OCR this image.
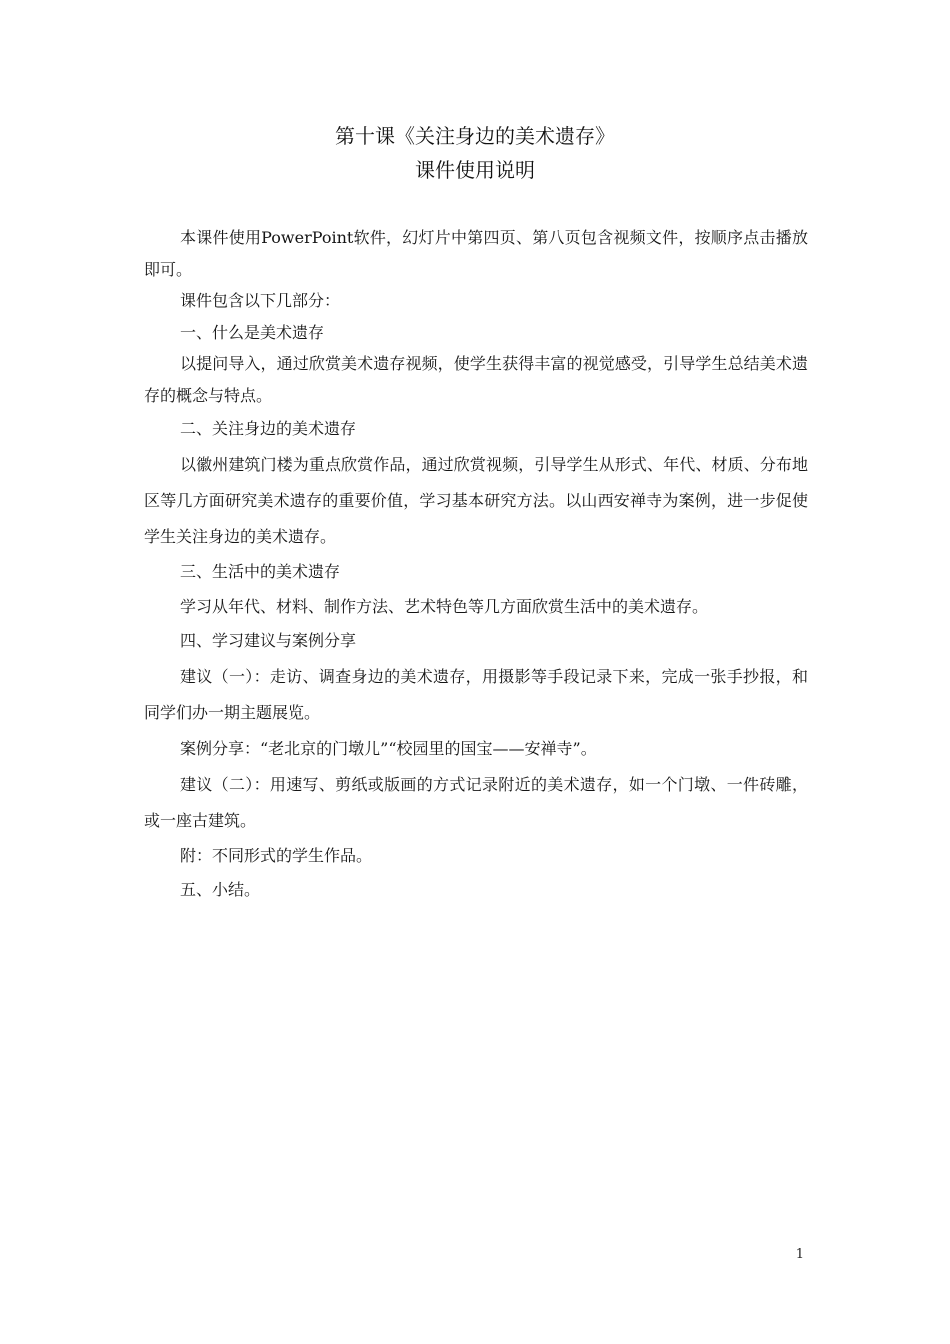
第十课《关注身边的美术遗存》
课件使用说明

本课件使用PowerPoint软件，幻灯片中第四页、第八页包含视频文件，按顺序点击播放即可。

课件包含以下几部分：

一、什么是美术遗存

以提问导入，通过欣赏美术遗存视频，使学生获得丰富的视觉感受，引导学生总结美术遗存的概念与特点。

二、关注身边的美术遗存

以徽州建筑门楼为重点欣赏作品，通过欣赏视频，引导学生从形式、年代、材质、分布地区等几方面研究美术遗存的重要价值，学习基本研究方法。以山西安禅寺为案例，进一步促使学生关注身边的美术遗存。

三、生活中的美术遗存

学习从年代、材料、制作方法、艺术特色等几方面欣赏生活中的美术遗存。

四、学习建议与案例分享

建议（一）：走访、调查身边的美术遗存，用摄影等手段记录下来，完成一张手抄报，和同学们办一期主题展览。

案例分享：“老北京的门墩儿”“校园里的国宝——安禅寺”。

建议（二）：用速写、剪纸或版画的方式记录附近的美术遗存，如一个门墩、一件砖雕，或一座古建筑。

附：不同形式的学生作品。

五、小结。

1
